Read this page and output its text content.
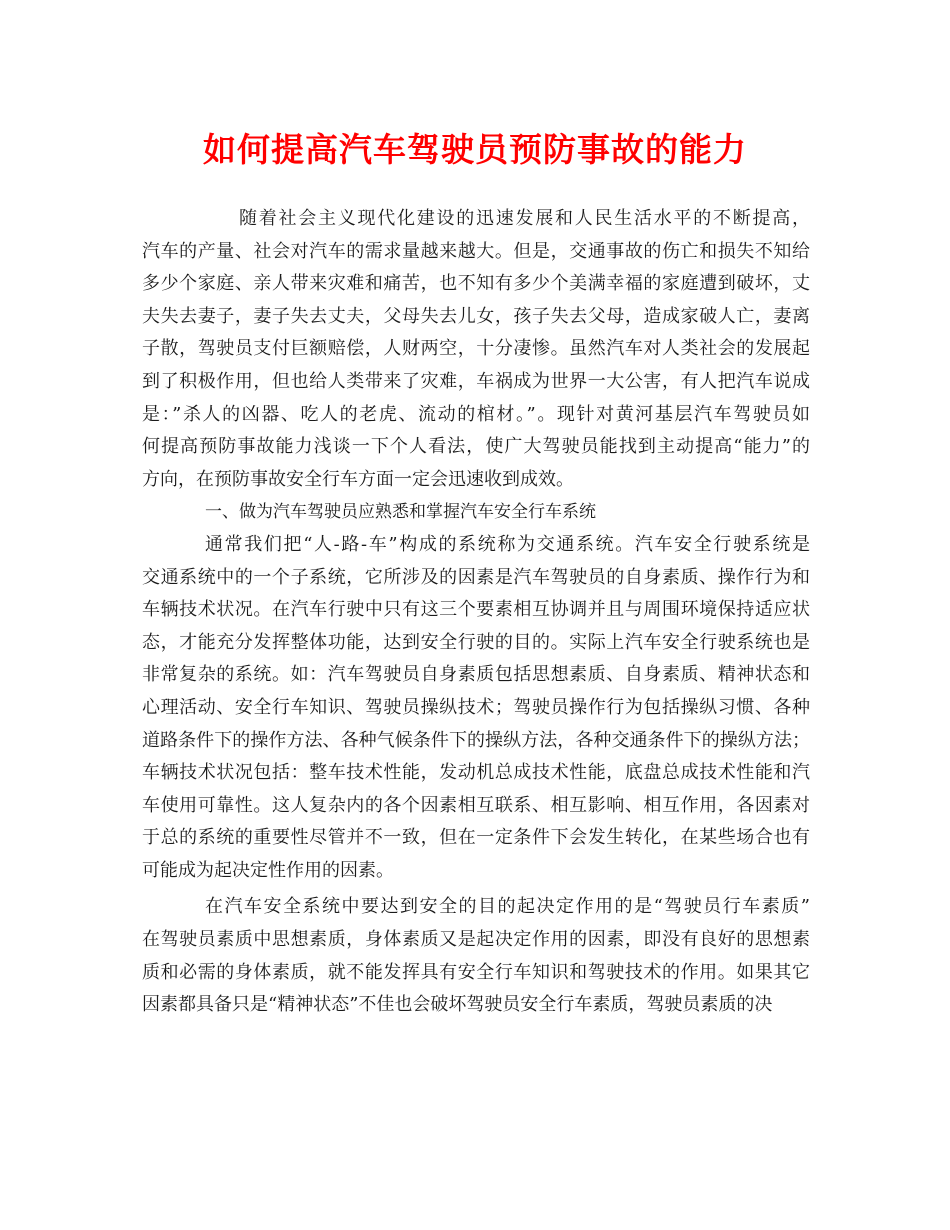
如何提高汽车驾驶员预防事故的能力
随着社会主义现代化建设的迅速发展和人民生活水平的不断提高，
汽车的产量、社会对汽车的需求量越来越大。但是，交通事故的伤亡和损失不知给
多少个家庭、亲人带来灾难和痛苦，也不知有多少个美满幸福的家庭遭到破坏，丈
夫失去妻子，妻子失去丈夫，父母失去儿女，孩子失去父母，造成家破人亡，妻离
子散，驾驶员支付巨额赔偿，人财两空，十分凄惨。虽然汽车对人类社会的发展起
到了积极作用，但也给人类带来了灾难，车祸成为世界一大公害，有人把汽车说成
是：”杀人的凶器、吃人的老虎、流动的棺材。”。现针对黄河基层汽车驾驶员如
何提高预防事故能力浅谈一下个人看法，使广大驾驶员能找到主动提高“能力”的
方向，在预防事故安全行车方面一定会迅速收到成效。
一、做为汽车驾驶员应熟悉和掌握汽车安全行车系统
通常我们把“人-路-车”构成的系统称为交通系统。汽车安全行驶系统是
交通系统中的一个子系统，它所涉及的因素是汽车驾驶员的自身素质、操作行为和
车辆技术状况。在汽车行驶中只有这三个要素相互协调并且与周围环境保持适应状
态，才能充分发挥整体功能，达到安全行驶的目的。实际上汽车安全行驶系统也是
非常复杂的系统。如：汽车驾驶员自身素质包括思想素质、自身素质、精神状态和
心理活动、安全行车知识、驾驶员操纵技术；驾驶员操作行为包括操纵习惯、各种
道路条件下的操作方法、各种气候条件下的操纵方法，各种交通条件下的操纵方法；
车辆技术状况包括：整车技术性能，发动机总成技术性能，底盘总成技术性能和汽
车使用可靠性。这人复杂内的各个因素相互联系、相互影响、相互作用，各因素对
于总的系统的重要性尽管并不一致，但在一定条件下会发生转化，在某些场合也有
可能成为起决定性作用的因素。
在汽车安全系统中要达到安全的目的起决定作用的是“驾驶员行车素质”
在驾驶员素质中思想素质，身体素质又是起决定作用的因素，即没有良好的思想素
质和必需的身体素质，就不能发挥具有安全行车知识和驾驶技术的作用。如果其它
因素都具备只是“精神状态”不佳也会破坏驾驶员安全行车素质，驾驶员素质的决
